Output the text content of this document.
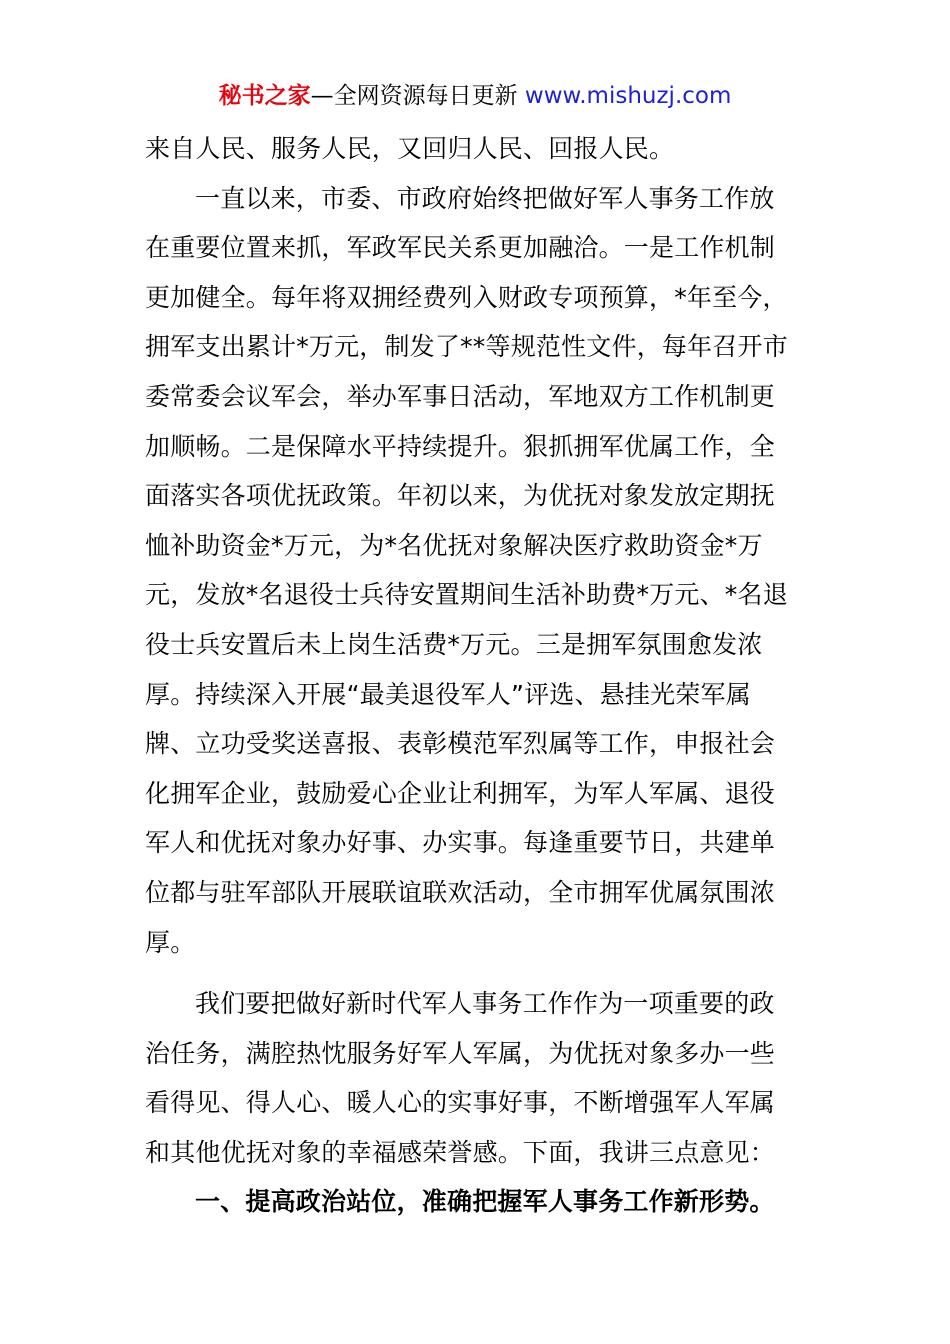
秘书之家—全网资源每日更新 www.mishuzj.com
来自人民、服务人民，又回归人民、回报人民。
一直以来，市委、市政府始终把做好军人事务工作放
在重要位置来抓，军政军民关系更加融洽。一是工作机制
更加健全。每年将双拥经费列入财政专项预算，*年至今，
拥军支出累计*万元，制发了**等规范性文件，每年召开市
委常委会议军会，举办军事日活动，军地双方工作机制更
加顺畅。二是保障水平持续提升。狠抓拥军优属工作，全
面落实各项优抚政策。年初以来，为优抚对象发放定期抚
恤补助资金*万元，为*名优抚对象解决医疗救助资金*万
元，发放*名退役士兵待安置期间生活补助费*万元、*名退
役士兵安置后未上岗生活费*万元。三是拥军氛围愈发浓
厚。持续深入开展“最美退役军人”评选、悬挂光荣军属
牌、立功受奖送喜报、表彰模范军烈属等工作，申报社会
化拥军企业，鼓励爱心企业让利拥军，为军人军属、退役
军人和优抚对象办好事、办实事。每逢重要节日，共建单
位都与驻军部队开展联谊联欢活动，全市拥军优属氛围浓
厚。
我们要把做好新时代军人事务工作作为一项重要的政
治任务，满腔热忱服务好军人军属，为优抚对象多办一些
看得见、得人心、暖人心的实事好事，不断增强军人军属
和其他优抚对象的幸福感荣誉感。下面，我讲三点意见：
一、提高政治站位，准确把握军人事务工作新形势。
